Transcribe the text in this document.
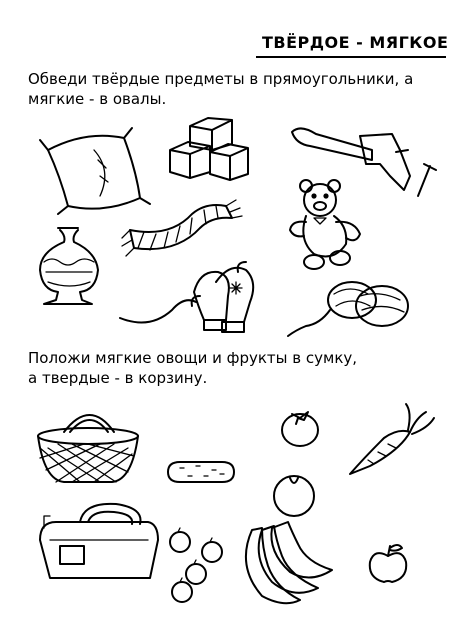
ТВЁРДОЕ - МЯГКОЕ
Обведи твёрдые предметы в прямоугольники, а
мягкие - в овалы.
Положи мягкие овощи и фрукты в сумку,
а твердые - в корзину.
